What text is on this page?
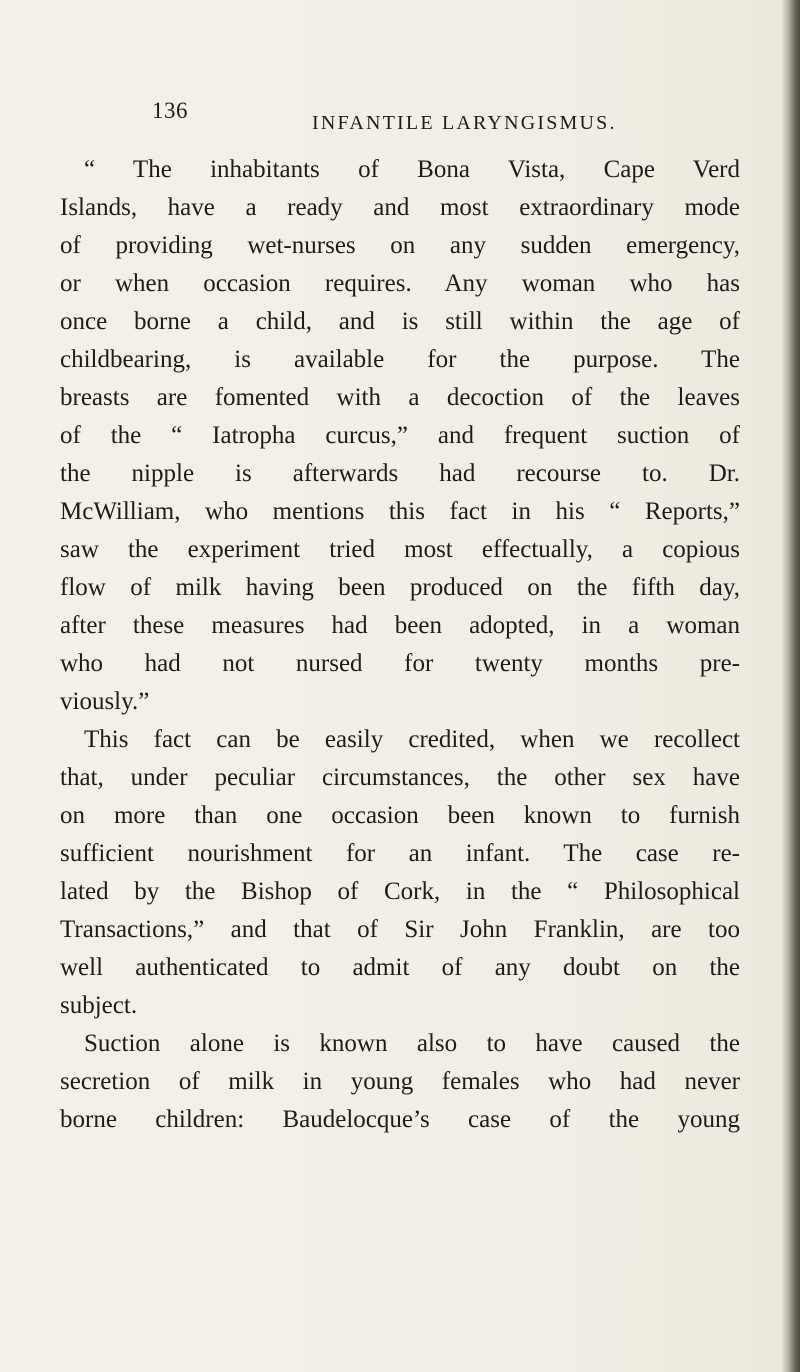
136	INFANTILE LARYNGISMUS.
“ The inhabitants of Bona Vista, Cape Verd
Islands, have a ready and most extraordinary mode
of providing wet-nurses on any sudden emergency,
or when occasion requires. Any woman who has
once borne a child, and is still within the age of
childbearing, is available for the purpose. The
breasts are fomented with a decoction of the leaves
of the “ Iatropha curcus,” and frequent suction of
the nipple is afterwards had recourse to. Dr.
McWilliam, who mentions this fact in his “ Reports,”
saw the experiment tried most effectually, a copious
flow of milk having been produced on the fifth day,
after these measures had been adopted, in a woman
who had not nursed for twenty months pre-
viously.”
This fact can be easily credited, when we recollect
that, under peculiar circumstances, the other sex have
on more than one occasion been known to furnish
sufficient nourishment for an infant. The case re-
lated by the Bishop of Cork, in the “ Philosophical
Transactions,” and that of Sir John Franklin, are too
well authenticated to admit of any doubt on the
subject.
Suction alone is known also to have caused the
secretion of milk in young females who had never
borne children: Baudelocque’s case of the young
